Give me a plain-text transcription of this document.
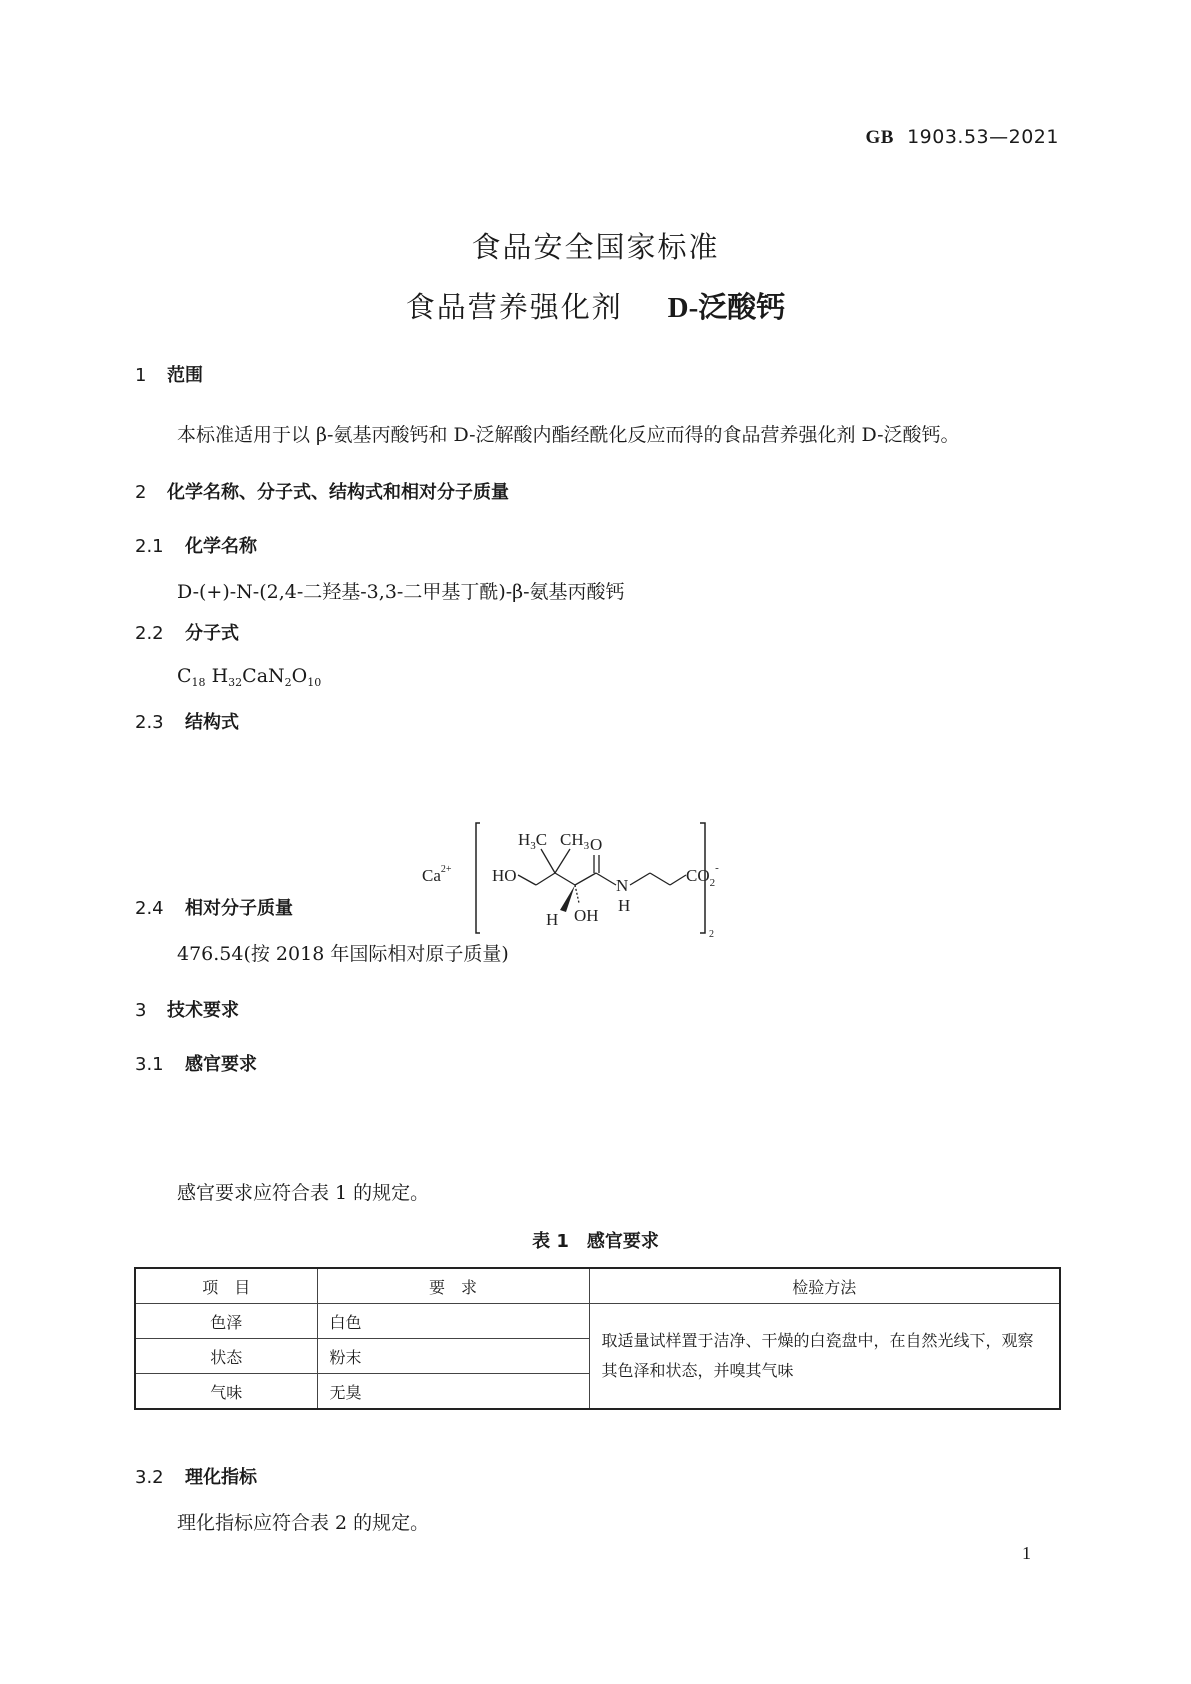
GB 1903.53—2021
食品安全国家标准
食品营养强化剂 D-泛酸钙
1 范围
本标准适用于以 β-氨基丙酸钙和 D-泛解酸内酯经酰化反应而得的食品营养强化剂 D-泛酸钙。
2 化学名称、分子式、结构式和相对分子质量
2.1 化学名称
D-(+)-N-(2,4-二羟基-3,3-二甲基丁酰)-β-氨基丙酸钙
2.2 分子式
$C_{18}$ $H_{32}CaN_2O_{10}$
2.3 结构式
$Ca^{2+}$ HO
$H_3C$ $CH_3$ O
N
H
H OH
$CO_2^-$
2
2.4 相对分子质量
476.54(按 2018 年国际相对原子质量)
3 技术要求
3.1 感官要求
感官要求应符合表 1 的规定。
表 1　感官要求
项　目	要　求	检验方法
色泽	白色	取适量试样置于洁净、干燥的白瓷盘中，在自然光线下，观察其色泽和状态，并嗅其气味
状态	粉末	
气味	无臭	
3.2 理化指标
理化指标应符合表 2 的规定。
1
